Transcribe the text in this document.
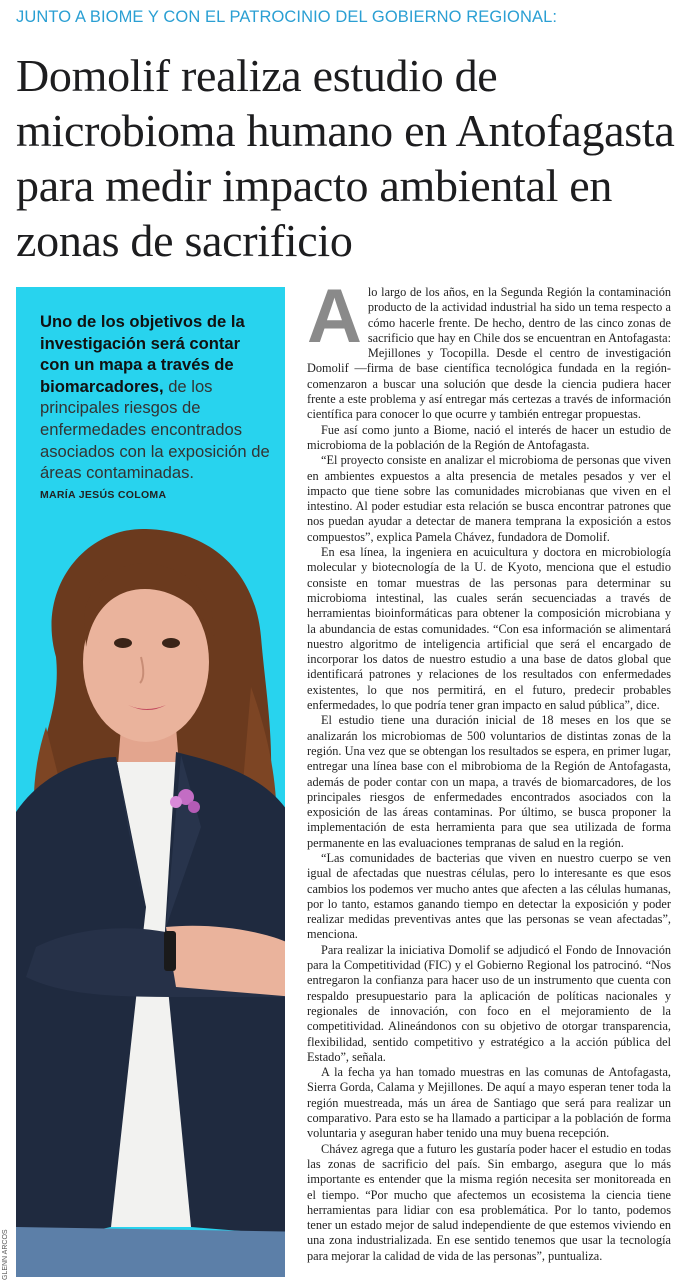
JUNTO A BIOME Y CON EL PATROCINIO DEL GOBIERNO REGIONAL:
Domolif realiza estudio de microbioma humano en Antofagasta para medir impacto ambiental en zonas de sacrificio
Uno de los objetivos de la investigación será contar con un mapa a través de biomarcadores, de los principales riesgos de enfermedades encontrados asociados con la exposición de áreas contaminadas.
MARÍA JESÚS COLOMA
GLENN ARCOS

Alo largo de los años, en la Segunda Región la contaminación producto de la actividad industrial ha sido un tema respecto a cómo hacerle frente. De hecho, dentro de las cinco zonas de sacrificio que hay en Chile dos se encuentran en Antofagasta: Mejillones y Tocopilla. Desde el centro de investigación Domolif —firma de base científica tecnológica fundada en la región- comenzaron a buscar una solución que desde la ciencia pudiera hacer frente a este problema y así entregar más certezas a través de información científica para conocer lo que ocurre y también entregar propuestas.

Fue así como junto a Biome, nació el interés de hacer un estudio de microbioma de la población de la Región de Antofagasta.

“El proyecto consiste en analizar el microbioma de personas que viven en ambientes expuestos a alta presencia de metales pesados y ver el impacto que tiene sobre las comunidades microbianas que viven en el intestino. Al poder estudiar esta relación se busca encontrar patrones que nos puedan ayudar a detectar de manera temprana la exposición a estos compuestos”, explica Pamela Chávez, fundadora de Domolif.

En esa línea, la ingeniera en acuicultura y doctora en microbiología molecular y biotecnología de la U. de Kyoto, menciona que el estudio consiste en tomar muestras de las personas para determinar su microbioma intestinal, las cuales serán secuenciadas a través de herramientas bioinformáticas para obtener la composición microbiana y la abundancia de estas comunidades. “Con esa información se alimentará nuestro algoritmo de inteligencia artificial que será el encargado de incorporar los datos de nuestro estudio a una base de datos global que identificará patrones y relaciones de los resultados con enfermedades existentes, lo que nos permitirá, en el futuro, predecir probables enfermedades, lo que podría tener gran impacto en salud pública”, dice.

El estudio tiene una duración inicial de 18 meses en los que se analizarán los microbiomas de 500 voluntarios de distintas zonas de la región. Una vez que se obtengan los resultados se espera, en primer lugar, entregar una línea base con el mibrobioma de la Región de Antofagasta, además de poder contar con un mapa, a través de biomarcadores, de los principales riesgos de enfermedades encontrados asociados con la exposición de las áreas contaminas. Por último, se busca proponer la implementación de esta herramienta para que sea utilizada de forma permanente en las evaluaciones tempranas de salud en la región.

“Las comunidades de bacterias que viven en nuestro cuerpo se ven igual de afectadas que nuestras células, pero lo interesante es que esos cambios los podemos ver mucho antes que afecten a las células humanas, por lo tanto, estamos ganando tiempo en detectar la exposición y poder realizar medidas preventivas antes que las personas se vean afectadas”, menciona.

Para realizar la iniciativa Domolif se adjudicó el Fondo de Innovación para la Competitividad (FIC) y el Gobierno Regional los patrocinó. “Nos entregaron la confianza para hacer uso de un instrumento que cuenta con respaldo presupuestario para la aplicación de políticas nacionales y regionales de innovación, con foco en el mejoramiento de la competitividad. Alineándonos con su objetivo de otorgar transparencia, flexibilidad, sentido competitivo y estratégico a la acción pública del Estado”, señala.

A la fecha ya han tomado muestras en las comunas de Antofagasta, Sierra Gorda, Calama y Mejillones. De aquí a mayo esperan tener toda la región muestreada, más un área de Santiago que será para realizar un comparativo. Para esto se ha llamado a participar a la población de forma voluntaria y aseguran haber tenido una muy buena recepción.

Chávez agrega que a futuro les gustaría poder hacer el estudio en todas las zonas de sacrificio del país. Sin embargo, asegura que lo más importante es entender que la misma región necesita ser monitoreada en el tiempo. “Por mucho que afectemos un ecosistema la ciencia tiene herramientas para lidiar con esa problemática. Por lo tanto, podemos tener un estado mejor de salud independiente de que estemos viviendo en una zona industrializada. En ese sentido tenemos que usar la tecnología para mejorar la calidad de vida de las personas”, puntualiza.
